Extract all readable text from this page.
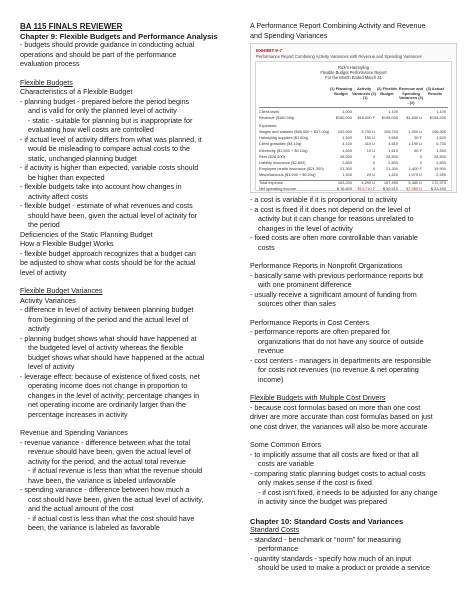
BA 115 FINALS REVIEWER
Chapter 9: Flexible Budgets and Performance Analysis
- budgets should provide guidance in conducting actual
operations and should be part of the performance
evaluation process
Flexible Budgets
Characteristics of a Flexible Budget
- planning budget - prepared before the period begins
and is valid for only the planned level of activity
- static - suitable for planning but is inappropriate for
evaluating how well costs are controlled
- if actual level of activity differs from what was planned, it
would be misleading to compare actual costs to the
static, unchanged planning budget
- if activity is higher than expected, variable costs should
be higher than expected
- flexible budgets take into account how changes in
activity affect costs
- flexible budget - estimate of what revenues and costs
should have been, given the actual level of activity for
the period
Deficiencies of the Static Planning Budget
How a Flexible Budget Works
- flexible budget approach recognizes that a budget can
be adjusted to show what costs should be for the actual
level of activity
Flexible Budget Variances
Activity Variances
- difference in level of activity between planning budget
from beginning of the period and the actual level of
activity
- planning budget shows what should have happened at
the budgeted level of activity whereas the flexible
budget shows what should have happened at the actual
level of activity
- leverage effect: because of existence of fixed costs, net
operating income does not change in proportion to
changes in the level of activity; percentage changes in
net operating income are ordinarily larger than the
percentage increases in activity
Revenue and Spending Variances
- revenue variance - difference between what the total
revenue should have been, given the actual level of
activity for the period, and the actual total revenue
- if actual revenue is less than what the revenue should
have been, the variance is labeled unfavorable
- spending variance - difference between how much a
cost should have been, given the actual level of activity,
and the actual amount of the cost
- if actual cost is less than what the cost should have
been, the variance is labeled as favorable
A Performance Report Combining Activity and Revenue
and Spending Variances
EXHIBIT 9-7
Performance Report Combining Activity Variances with Revenue and Spending Variances
Rick's Hairstyling
Flexible Budget Performance Report
For the Month Ended March 31
(1) Planning Budget
Activity Variances (2) - (1)
(2) Flexible Budget
Revenue and Spending Variances (3) - (2)
(3) Actual Results
Client-visits	1,000	1,100	1,100
Revenue ($180.00q)	$180,000	$18,000 F	$198,000	$1,600 U	$194,200
Expenses:
Wages and salaries ($65,000 + $37.00q)	102,000	3,700 U	105,700	1,000 U	106,900
Hairstyling supplies ($1.50q)	1,500	150 U	1,650	30 F	1,620
Client gratuities ($4.10q)	4,100	410 U	4,510	1,190 U	5,700
Electricity ($1,500 + $0.10q)	1,600	10 U	1,610	60 F	1,550
Rent ($28,500)	28,500	0	28,500	0	28,500
Liability insurance ($2,800)	2,800	0	2,800	0	2,800
Employee health insurance ($21,300)	21,300	0	21,300	1,400 F	19,900
Miscellaneous ($1,200 + $0.20q)	1,400	20 U	1,420	1,070 U	2,490
Total expense	163,200	4,290 U	167,490	5,480 U	172,970
Net operating income	$ 16,800	$13,710 F	$ 30,510	$7,080 U	$ 23,430
- a cost is variable if it is proportional to activity
- a cost is fixed if it does not depend on the level of
activity but it can change for reasons unrelated to
changes in the level of activity
- fixed costs are often more controllable than variable
costs
Performance Reports in Nonprofit Organizations
- basically same with previous performance reports but
with one prominent difference
- usually receive a significant amount of funding from
sources other than sales
Performance Reports in Cost Centers
- performance reports are often prepared for
organizations that do not have any source of outside
revenue
- cost centers - managers in departments are responsible
for costs not revenues (no revenue & net operating
income)
Flexible Budgets with Multiple Cost Drivers
- because cost formulas based on more than one cost
driver are more accurate than cost formulas based on just
one cost driver, the variances will also be more accurate
Some Common Errors
- to implicitly assume that all costs are fixed or that all
costs are variable
- comparing static planning budget costs to actual costs
only makes sense if the cost is fixed
- if cost isn't fixed, it needs to be adjusted for any change
in activity since the budget was prepared
Chapter 10: Standard Costs and Variances
Standard Costs
- standard - benchmark or “norm” for measuring
performance
- quantity standards - specify how much of an input
should be used to make a product or provide a service
